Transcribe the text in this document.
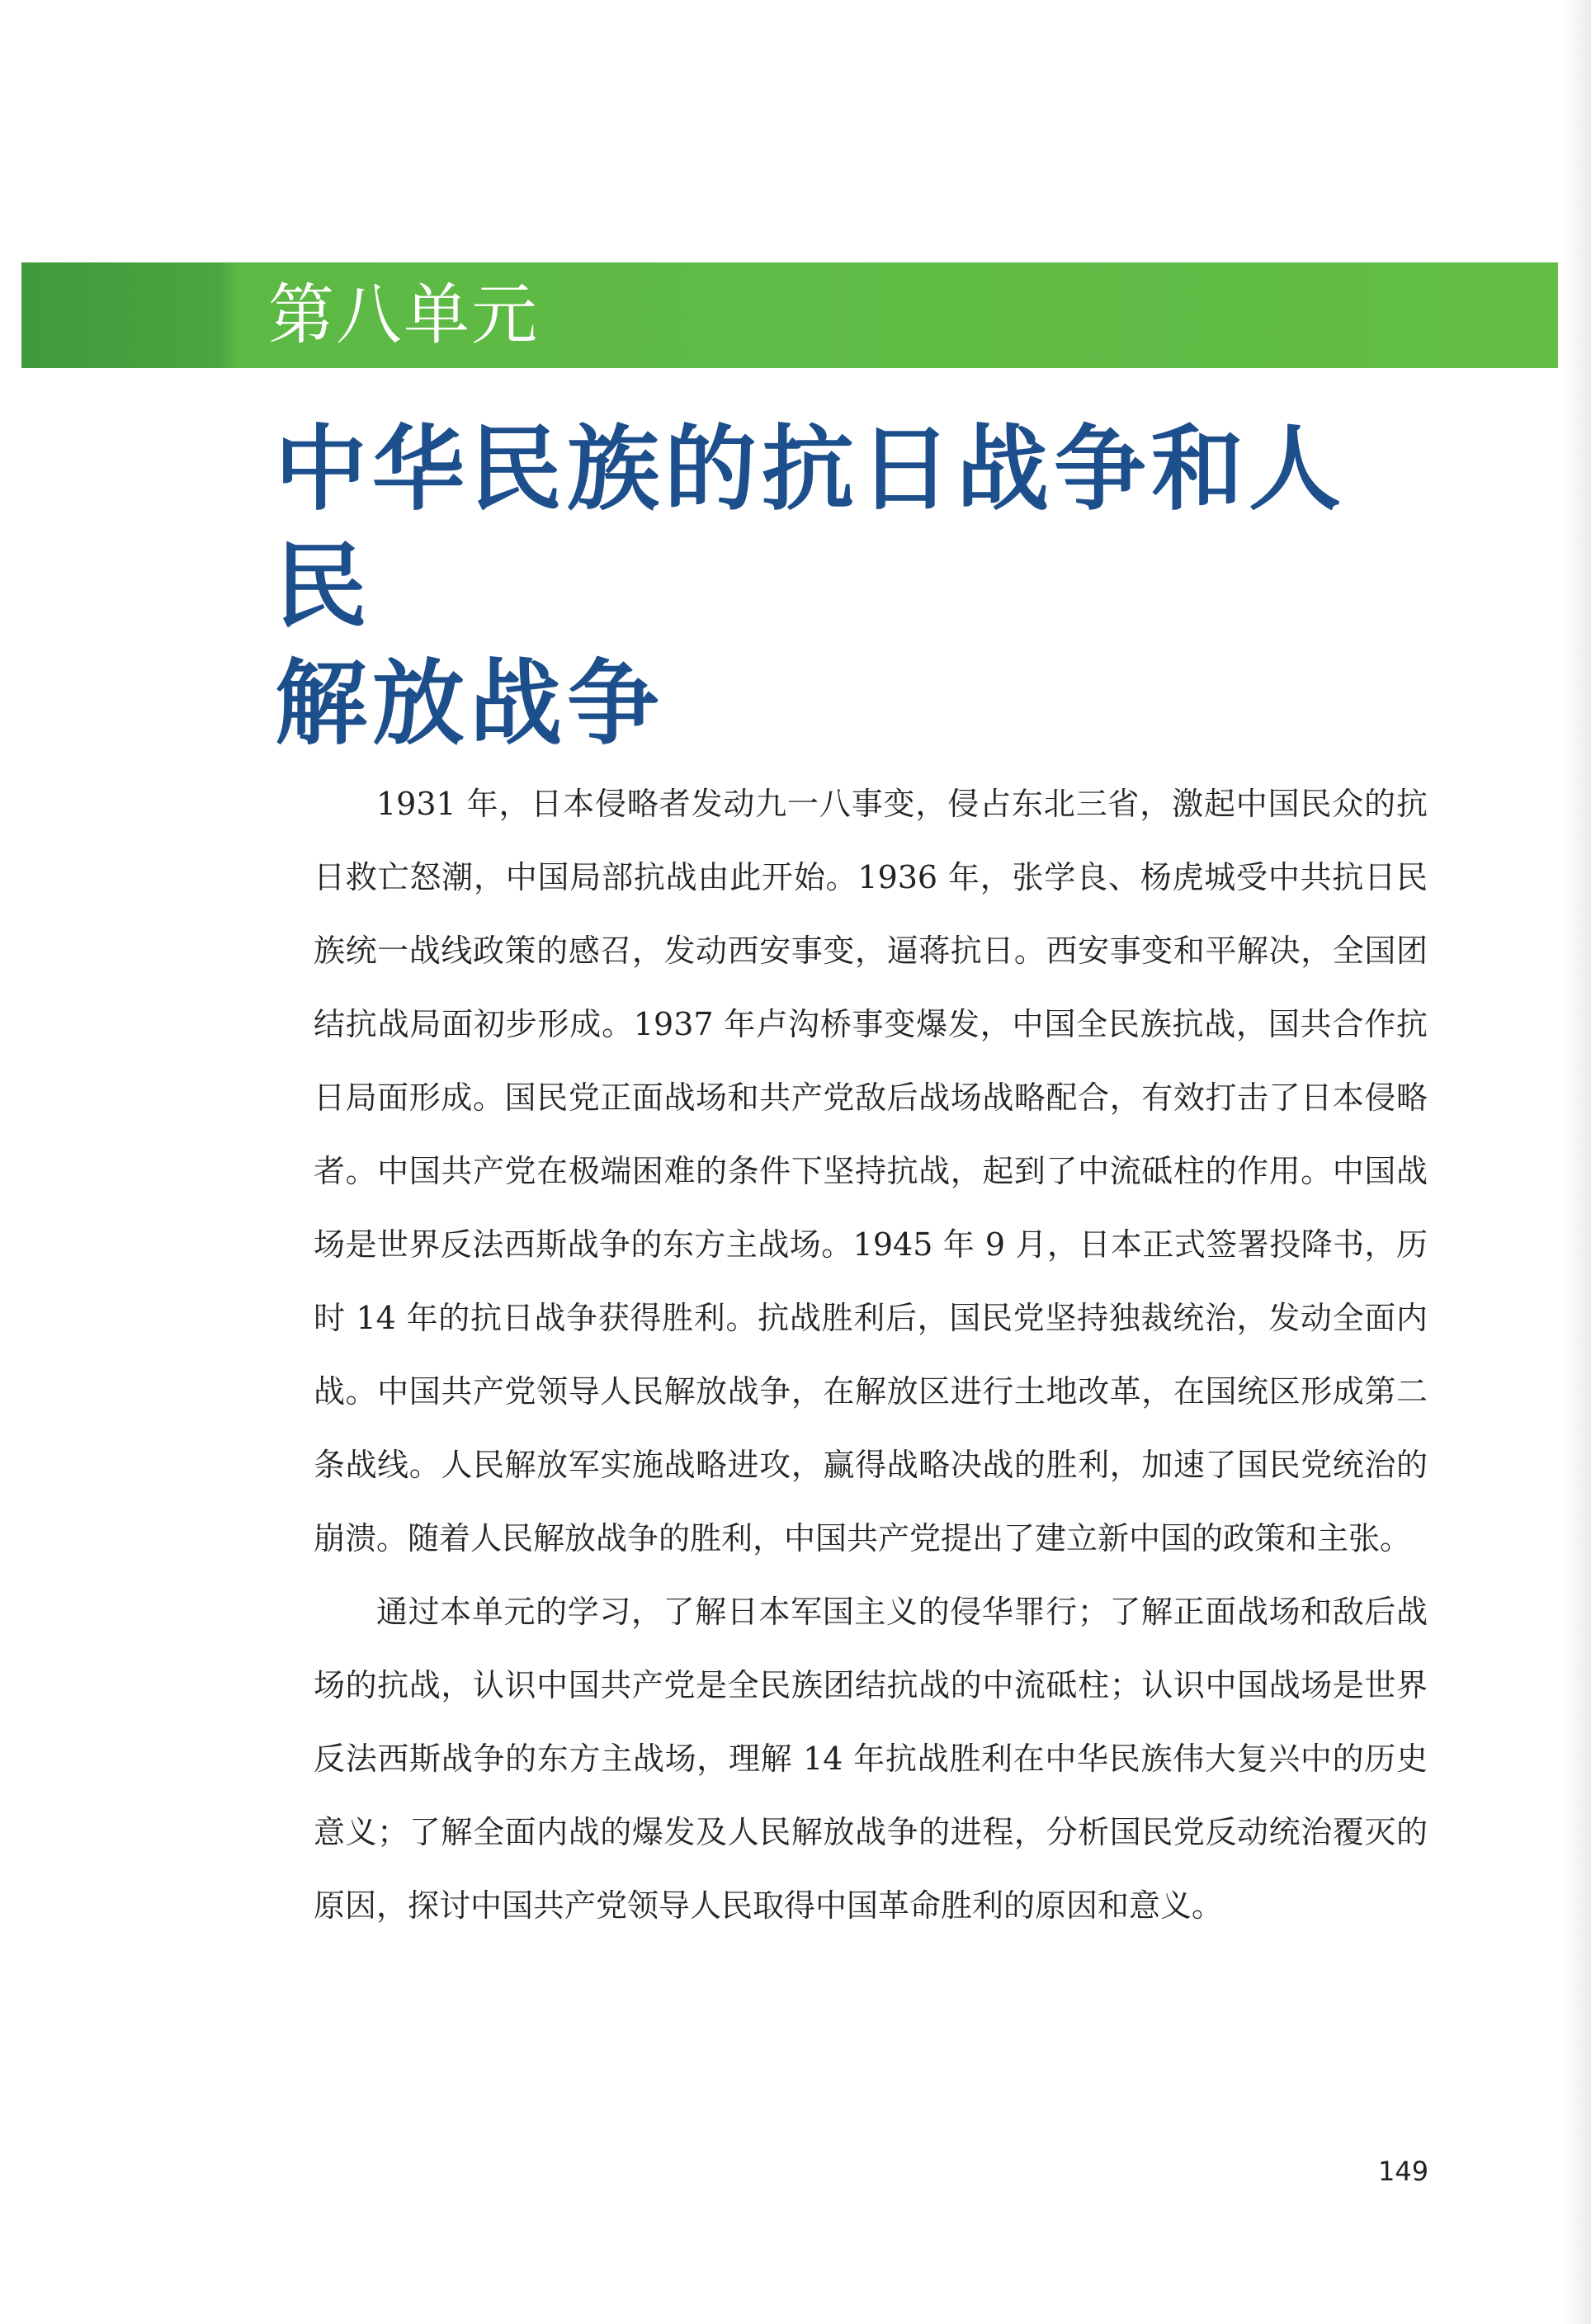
第八单元
中华民族的抗日战争和人民
解放战争

1931 年，日本侵略者发动九一八事变，侵占东北三省，激起中国民众的抗日救亡怒潮，中国局部抗战由此开始。1936 年，张学良、杨虎城受中共抗日民族统一战线政策的感召，发动西安事变，逼蒋抗日。西安事变和平解决，全国团结抗战局面初步形成。1937 年卢沟桥事变爆发，中国全民族抗战，国共合作抗日局面形成。国民党正面战场和共产党敌后战场战略配合，有效打击了日本侵略者。中国共产党在极端困难的条件下坚持抗战，起到了中流砥柱的作用。中国战场是世界反法西斯战争的东方主战场。1945 年 9 月，日本正式签署投降书，历时 14 年的抗日战争获得胜利。抗战胜利后，国民党坚持独裁统治，发动全面内战。中国共产党领导人民解放战争，在解放区进行土地改革，在国统区形成第二条战线。人民解放军实施战略进攻，赢得战略决战的胜利，加速了国民党统治的崩溃。随着人民解放战争的胜利，中国共产党提出了建立新中国的政策和主张。

通过本单元的学习，了解日本军国主义的侵华罪行；了解正面战场和敌后战场的抗战，认识中国共产党是全民族团结抗战的中流砥柱；认识中国战场是世界反法西斯战争的东方主战场，理解 14 年抗战胜利在中华民族伟大复兴中的历史意义；了解全面内战的爆发及人民解放战争的进程，分析国民党反动统治覆灭的原因，探讨中国共产党领导人民取得中国革命胜利的原因和意义。

149
